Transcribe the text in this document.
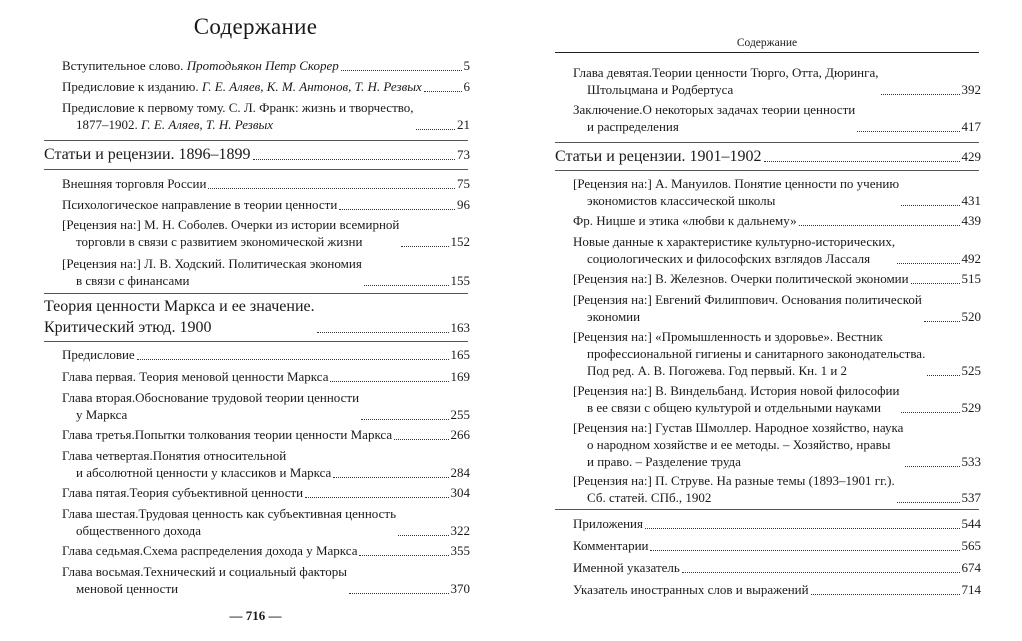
Содержание
Вступительное слово. Протодьякон Петр Скорер	5
Предисловие к изданию. Г. Е. Аляев, К. М. Антонов, Т. Н. Резвых	6
Предисловие к первому тому. С. Л. Франк: жизнь и творчество,
1877–1902. Г. Е. Аляев, Т. Н. Резвых	21
Статьи и рецензии. 1896–1899	73
Внешняя торговля России	75
Психологическое направление в теории ценности	96
[Рецензия на:] М. Н. Соболев. Очерки из истории всемирной
торговли в связи с развитием экономической жизни	152
[Рецензия на:] Л. В. Ходский. Политическая экономия
в связи с финансами	155
Теория ценности Маркса и ее значение.
Критический этюд. 1900	163
Предисловие	165
Глава первая. Теория меновой ценности Маркса	169
Глава вторая.Обоснование трудовой теории ценности
у Маркса	255
Глава третья.Попытки толкования теории ценности Маркса	266
Глава четвертая.Понятия относительной
и абсолютной ценности у классиков и Маркса	284
Глава пятая.Теория субъективной ценности	304
Глава шестая.Трудовая ценность как субъективная ценность
общественного дохода	322
Глава седьмая.Схема распределения дохода у Маркса	355
Глава восьмая.Технический и социальный факторы
меновой ценности	370
— 716 —
Содержание
Глава девятая.Теории ценности Тюрго, Отта, Дюринга,
Штольцмана и Родбертуса	392
Заключение.О некоторых задачах теории ценности
и распределения	417
Статьи и рецензии. 1901–1902	429
[Рецензия на:] А. Мануилов. Понятие ценности по учению
экономистов классической школы	431
Фр. Ницше и этика «любви к дальнему»	439
Новые данные к характеристике культурно-исторических,
социологических и философских взглядов Лассаля	492
[Рецензия на:] В. Железнов. Очерки политической экономии	515
[Рецензия на:] Евгений Филиппович. Основания политической
экономии	520
[Рецензия на:] «Промышленность и здоровье». Вестник
профессиональной гигиены и санитарного законодательства.
Под ред. А. В. Погожева. Год первый. Кн. 1 и 2	525
[Рецензия на:] В. Виндельбанд. История новой философии
в ее связи с общею культурой и отдельными науками	529
[Рецензия на:] Густав Шмоллер. Народное хозяйство, наука
о народном хозяйстве и ее методы. – Хозяйство, нравы
и право. – Разделение труда	533
[Рецензия на:] П. Струве. На разные темы (1893–1901 гг.).
Сб. статей. СПб., 1902	537
Приложения	544
Комментарии	565
Именной указатель	674
Указатель иностранных слов и выражений	714
